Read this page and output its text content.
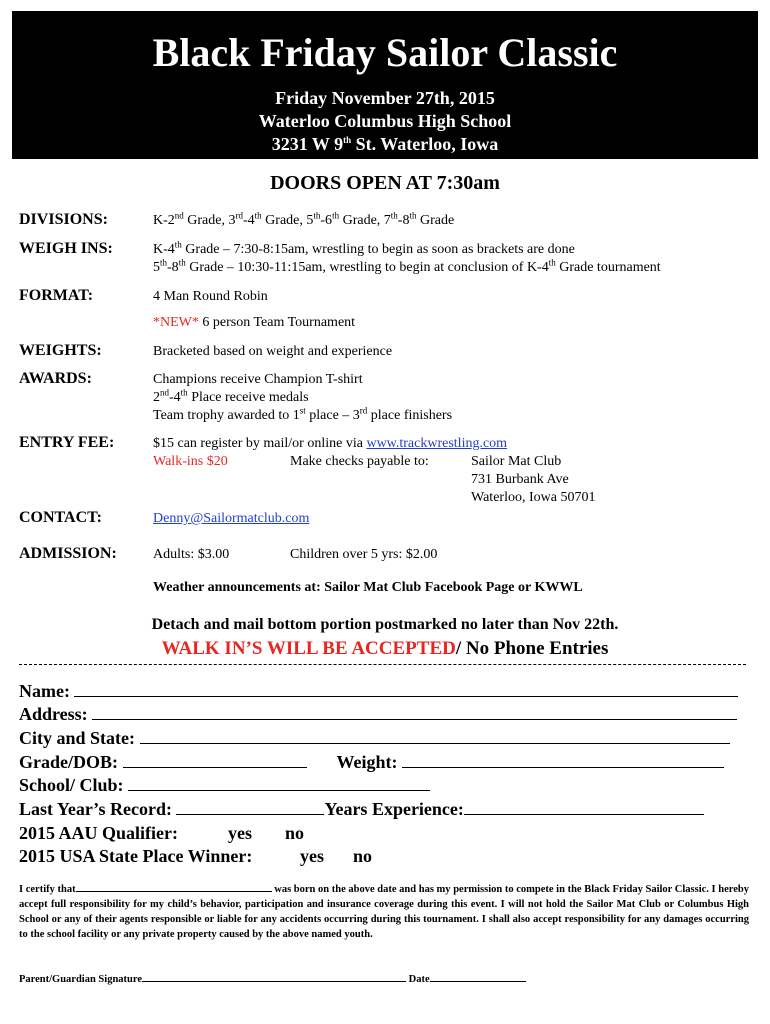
Black Friday Sailor Classic
Friday November 27th, 2015
Waterloo Columbus High School
3231 W 9th St. Waterloo, Iowa
DOORS OPEN AT 7:30am
DIVISIONS:	K-2nd Grade, 3rd-4th Grade, 5th-6th Grade, 7th-8th Grade
WEIGH INS:	K-4th Grade – 7:30-8:15am, wrestling to begin as soon as brackets are done
5th-8th Grade – 10:30-11:15am, wrestling to begin at conclusion of K-4th Grade tournament
FORMAT:	4 Man Round Robin
*NEW* 6 person Team Tournament
WEIGHTS:	Bracketed based on weight and experience
AWARDS:	Champions receive Champion T-shirt
2nd-4th Place receive medals
Team trophy awarded to 1st place – 3rd place finishers
ENTRY FEE:	$15 can register by mail/or online via www.trackwrestling.com
Walk-ins $20	Make checks payable to:	Sailor Mat Club
731 Burbank Ave
Waterloo, Iowa 50701
CONTACT:	Denny@Sailormatclub.com
ADMISSION:	Adults: $3.00	Children over 5 yrs: $2.00
Weather announcements at: Sailor Mat Club Facebook Page or KWWL
Detach and mail bottom portion postmarked no later than Nov 22th.
WALK IN’S WILL BE ACCEPTED/ No Phone Entries
Name:
Address:
City and State:
Grade/DOB:	Weight:
School/ Club:
Last Year’s Record:	Years Experience:
2015 AAU Qualifier:	yes no
2015 USA State Place Winner:	yes no
I certify that	was born on the above date and has my permission to compete in the Black Friday Sailor Classic. I hereby accept full responsibility for my child’s behavior, participation and insurance coverage during this event. I will not hold the Sailor Mat Club or Columbus High School or any of their agents responsible or liable for any accidents occurring during this tournament. I shall also accept responsibility for any damages occurring to the school facility or any private property caused by the above named youth.
Parent/Guardian Signature	Date
